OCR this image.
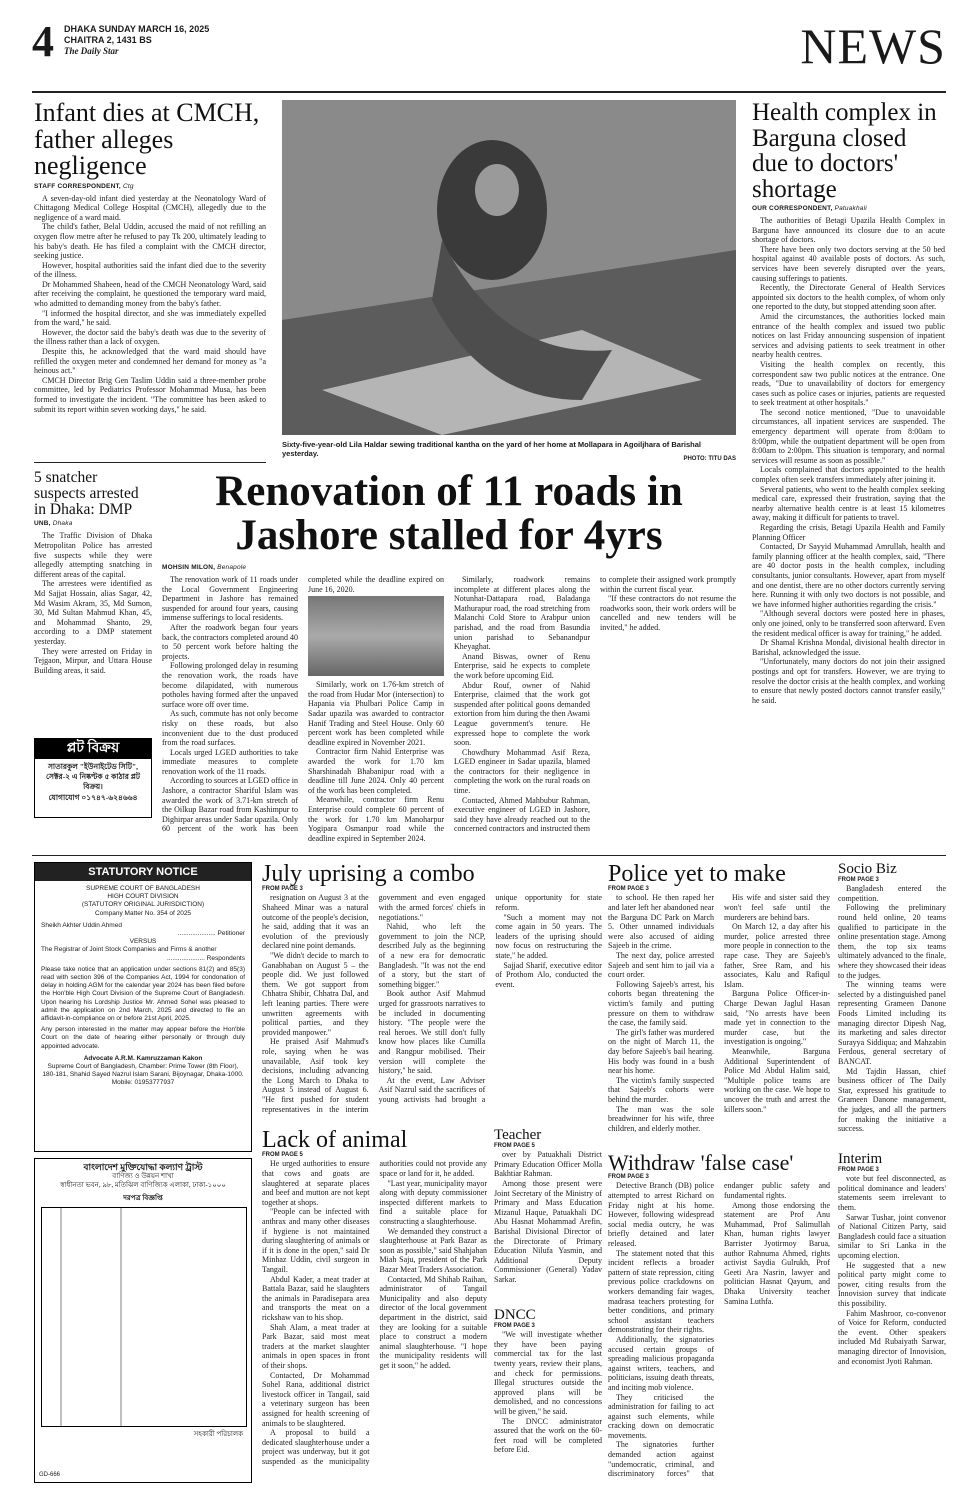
4 DHAKA SUNDAY MARCH 16, 2025
CHAITRA 2, 1431 BS
The Daily Star	NEWS
Infant dies at CMCH, father alleges negligence
STAFF CORRESPONDENT, Ctg

A seven-day-old infant died yesterday at the Neonatology Ward of Chittagong Medical College Hospital (CMCH), allegedly due to the negligence of a ward maid.

The child's father, Belal Uddin, accused the maid of not refilling an oxygen flow metre after he refused to pay Tk 200, ultimately leading to his baby's death. He has filed a complaint with the CMCH director, seeking justice.

However, hospital authorities said the infant died due to the severity of the illness.

Dr Mohammed Shaheen, head of the CMCH Neonatology Ward, said after receiving the complaint, he questioned the temporary ward maid, who admitted to demanding money from the baby's father.

"I informed the hospital director, and she was immediately expelled from the ward," he said.

However, the doctor said the baby's death was due to the severity of the illness rather than a lack of oxygen.

Despite this, he acknowledged that the ward maid should have refilled the oxygen meter and condemned her demand for money as "a heinous act."

CMCH Director Brig Gen Taslim Uddin said a three-member probe committee, led by Pediatrics Professor Mohammad Musa, has been formed to investigate the incident. "The committee has been asked to submit its report within seven working days," he said.

Sixty-five-year-old Lila Haldar sewing traditional kantha on the yard of her home at Mollapara in Agoiljhara of Barishal yesterday.
PHOTO: TITU DAS
Health complex in Barguna closed due to doctors' shortage
OUR CORRESPONDENT, Patuakhali

The authorities of Betagi Upazila Health Complex in Barguna have announced its closure due to an acute shortage of doctors.

There have been only two doctors serving at the 50 bed hospital against 40 available posts of doctors. As such, services have been severely disrupted over the years, causing sufferings to patients.

Recently, the Directorate General of Health Services appointed six doctors to the health complex, of whom only one reported to the duty, but stopped attending soon after.

Amid the circumstances, the authorities locked main entrance of the health complex and issued two public notices on last Friday announcing suspension of inpatient services and advising patients to seek treatment in other nearby health centres.

Visiting the health complex on recently, this correspondent saw two public notices at the entrance. One reads, "Due to unavailability of doctors for emergency cases such as police cases or injuries, patients are requested to seek treatment at other hospitals."

The second notice mentioned, "Due to unavoidable circumstances, all inpatient services are suspended. The emergency department will operate from 8:00am to 8:00pm, while the outpatient department will be open from 8:00am to 2:00pm. This situation is temporary, and normal services will resume as soon as possible."

Locals complained that doctors appointed to the health complex often seek transfers immediately after joining it.

Several patients, who went to the health complex seeking medical care, expressed their frustration, saying that the nearby alternative health centre is at least 15 kilometres away, making it difficult for patients to travel.

Regarding the crisis, Betagi Upazila Health and Family Planning Officer

Contacted, Dr Sayyid Muhammad Amrullah, health and family planning officer at the health complex, said, "There are 40 doctor posts in the health complex, including consultants, junior consultants. However, apart from myself and one dentist, there are no other doctors currently serving here. Running it with only two doctors is not possible, and we have informed higher authorities regarding the crisis."

"Although several doctors were posted here in phases, only one joined, only to be transferred soon afterward. Even the resident medical officer is away for training," he added.

Dr Shamal Krishna Mondal, divisional health director in Barishal, acknowledged the issue.

"Unfortunately, many doctors do not join their assigned postings and opt for transfers. However, we are trying to resolve the doctor crisis at the health complex, and working to ensure that newly posted doctors cannot transfer easily," he said.

5 snatcher suspects arrested in Dhaka: DMP
UNB, Dhaka

The Traffic Division of Dhaka Metropolitan Police has arrested five suspects while they were allegedly attempting snatching in different areas of the capital.

The arrestees were identified as Md Sajjat Hossain, alias Sagar, 42, Md Wasim Akram, 35, Md Sumon, 30, Md Sultan Mahmud Khan, 45, and Mohammad Shanto, 29, according to a DMP statement yesterday.

They were arrested on Friday in Tejgaon, Mirpur, and Uttara House Building areas, it said.

প্লট বিক্রয়
সাতারকুল "ইউনাইটেড সিটি", সেক্টর-২ এ নিষ্কণ্টক ৫ কাঠার প্লট বিক্রয়।
যোগাযোগ ০১৭৪৭-৬২৪৬৬৪
Renovation of 11 roads in Jashore stalled for 4yrs
MOHSIN MILON, Benapole

The renovation work of 11 roads under the Local Government Engineering Department in Jashore has remained suspended for around four years, causing immense sufferings to local residents.

After the roadwork began four years back, the contractors completed around 40 to 50 percent work before halting the projects.

Following prolonged delay in resuming the renovation work, the roads have become dilapidated, with numerous potholes having formed after the unpaved surface wore off over time.

As such, commute has not only become risky on these roads, but also inconvenient due to the dust produced from the road surfaces.

Locals urged LGED authorities to take immediate measures to complete renovation work of the 11 roads.

According to sources at LGED office in Jashore, a contractor Shariful Islam was awarded the work of 3.71-km stretch of the Oilkup Bazar road from Kashimpur to Dighirpar areas under Sadar upazila. Only 60 percent of the work has been completed while the deadline expired on June 16, 2020.

Similarly, work on 1.76-km stretch of the road from Hudar Mor (intersection) to Hapania via Phulbari Police Camp in Sadar upazila was awarded to contractor Hanif Trading and Steel House. Only 60 percent work has been completed while deadline expired in November 2021.

Contractor firm Nahid Enterprise was awarded the work for 1.70 km Sharshinadah Bhabanipur road with a deadline till June 2024. Only 40 percent of the work has been completed.

Meanwhile, contractor firm Renu Enterprise could complete 60 percent of the work for 1.70 km Manoharpur Yogipara Osmanpur road while the deadline expired in September 2024.

Similarly, roadwork remains incomplete at different places along the Notunhat-Dattapara road, Baladanga Mathurapur road, the road stretching from Malanchi Cold Store to Arabpur union parishad, and the road from Basundia union parishad to Sebanandpur Kheyaghat.

Anand Biswas, owner of Renu Enterprise, said he expects to complete the work before upcoming Eid.

Abdur Rouf, owner of Nahid Enterprise, claimed that the work got suspended after political goons demanded extortion from him during the then Awami League government's tenure. He expressed hope to complete the work soon.

Chowdhury Mohammad Asif Reza, LGED engineer in Sadar upazila, blamed the contractors for their negligence in completing the work on the rural roads on time.

Contacted, Ahmed Mahbubur Rahman, executive engineer of LGED in Jashore, said they have already reached out to the concerned contractors and instructed them to complete their assigned work promptly within the current fiscal year.

"If these contractors do not resume the roadworks soon, their work orders will be cancelled and new tenders will be invited," he added.

STATUTORY NOTICE
SUPREME COURT OF BANGLADESH
HIGH COURT DIVISION
(STATUTORY ORIGINAL JURISDICTION)
Company Matter No. 354 of 2025
Sheikh Akhter Uddin Ahmed
..................... Petitioner
VERSUS
The Registrar of Joint Stock Companies and Firms & another
..................... Respondents
Please take notice that an application under sections 81(2) and 85(3) read with section 396 of the Companies Act, 1994 for condonation of delay in holding AGM for the calendar year 2024 has been filed before the Hon'ble High Court Division of the Supreme Court of Bangladesh. Upon hearing his Lordship Justice Mr. Ahmed Sohel was pleased to admit the application on 2nd March, 2025 and directed to file an affidavit-in-compliance on or before 21st April, 2025.
Any person interested in the matter may appear before the Hon'ble Court on the date of hearing either personally or through duly appointed advocate.
Advocate A.R.M. Kamruzzaman Kakon
Supreme Court of Bangladesh, Chamber: Prime Tower (8th Floor), 180-181, Shahid Sayed Nazrul Islam Sarani, Bijoynagar, Dhaka-1000. Mobile: 01953777937
বাংলাদেশ মুক্তিযোদ্ধা কল্যাণ ট্রাস্ট
বাণিজ্য ও উন্নয়ন শাখা
স্বাধীনতা ভবন, ৯৮, মতিঝিল বাণিজ্যিক এলাকা, ঢাকা-১০০০
দরপত্র বিজ্ঞপ্তি
সহকারী পরিচালক
GD-666
July uprising a combo
FROM PAGE 3

resignation on August 3 at the Shaheed Minar was a natural outcome of the people's decision, he said, adding that it was an evolution of the previously declared nine point demands.

"We didn't decide to march to Ganabhaban on August 5 – the people did. We just followed them. We got support from Chhatra Shibir, Chhatra Dal, and left leaning parties. There were unwritten agreements with political parties, and they provided manpower."

He praised Asif Mahmud's role, saying when he was unavailable, Asif took key decisions, including advancing the Long March to Dhaka to August 5 instead of August 6. "He first pushed for student representatives in the interim government and even engaged with the armed forces' chiefs in negotiations."

Nahid, who left the government to join the NCP, described July as the beginning of a new era for democratic Bangladesh. "It was not the end of a story, but the start of something bigger."

Book author Asif Mahmud urged for grassroots narratives to be included in documenting history. "The people were the real heroes. We still don't fully know how places like Cumilla and Rangpur mobilised. Their version will complete the history," he said.

At the event, Law Adviser Asif Nazrul said the sacrifices of young activists had brought a unique opportunity for state reform.

"Such a moment may not come again in 50 years. The leaders of the uprising should now focus on restructuring the state," he added.

Sajjad Sharif, executive editor of Prothom Alo, conducted the event.

Lack of animal
FROM PAGE 5

He urged authorities to ensure that cows and goats are slaughtered at separate places and beef and mutton are not kept together at shops.

"People can be infected with anthrax and many other diseases if hygiene is not maintained during slaughtering of animals or if it is done in the open," said Dr Minhaz Uddin, civil surgeon in Tangail.

Abdul Kader, a meat trader at Battala Bazar, said he slaughters the animals in Paradisepara area and transports the meat on a rickshaw van to his shop.

Shah Alam, a meat trader at Park Bazar, said most meat traders at the market slaughter animals in open spaces in front of their shops.

Contacted, Dr Mohammad Sohel Rana, additional district livestock officer in Tangail, said a veterinary surgeon has been assigned for health screening of animals to be slaughtered.

A proposal to build a dedicated slaughterhouse under a project was underway, but it got suspended as the municipality authorities could not provide any space or land for it, he added.

"Last year, municipality mayor along with deputy commissioner inspected different markets to find a suitable place for constructing a slaughterhouse.

We demanded they construct a slaughterhouse at Park Bazar as soon as possible," said Shahjahan Miah Saju, president of the Park Bazar Meat Traders Association.

Contacted, Md Shihab Raihan, administrator of Tangail Municipality and also deputy director of the local government department in the district, said they are looking for a suitable place to construct a modern animal slaughterhouse. "I hope the municipality residents will get it soon," he added.

Teacher
FROM PAGE 5

over by Patuakhali District Primary Education Officer Molla Bakhtiar Rahman.

Among those present were Joint Secretary of the Ministry of Primary and Mass Education Mizanul Haque, Patuakhali DC Abu Hasnat Mohammad Arefin, Barishal Divisional Director of the Directorate of Primary Education Nilufa Yasmin, and Additional Deputy Commissioner (General) Yadav Sarkar.

DNCC
FROM PAGE 3

"We will investigate whether they have been paying commercial tax for the last twenty years, review their plans, and check for permissions. Illegal structures outside the approved plans will be demolished, and no concessions will be given," he said.

The DNCC administrator assured that the work on the 60-feet road will be completed before Eid.

Police yet to make
FROM PAGE 3

to school. He then raped her and later left her abandoned near the Barguna DC Park on March 5. Other unnamed individuals were also accused of aiding Sajeeb in the crime.

The next day, police arrested Sajeeb and sent him to jail via a court order.

Following Sajeeb's arrest, his cohorts began threatening the victim's family and putting pressure on them to withdraw the case, the family said.

The girl's father was murdered on the night of March 11, the day before Sajeeb's bail hearing. His body was found in a bush near his home.

The victim's family suspected that Sajeeb's cohorts were behind the murder.

The man was the sole breadwinner for his wife, three children, and elderly mother.

His wife and sister said they won't feel safe until the murderers are behind bars.

On March 12, a day after his murder, police arrested three more people in connection to the rape case. They are Sajeeb's father, Sree Ram, and his associates, Kalu and Rafiqul Islam.

Barguna Police Officer-in-Charge Dewan Jaglul Hasan said, "No arrests have been made yet in connection to the murder case, but the investigation is ongoing."

Meanwhile, Barguna Additional Superintendent of Police Md Abdul Halim said, "Multiple police teams are working on the case. We hope to uncover the truth and arrest the killers soon."

Withdraw 'false case'
FROM PAGE 3

Detective Branch (DB) police attempted to arrest Richard on Friday night at his home. However, following widespread social media outcry, he was briefly detained and later released.

The statement noted that this incident reflects a broader pattern of state repression, citing previous police crackdowns on workers demanding fair wages, madrasa teachers protesting for better conditions, and primary school assistant teachers demonstrating for their rights.

Additionally, the signatories accused certain groups of spreading malicious propaganda against writers, teachers, and politicians, issuing death threats, and inciting mob violence.

They criticised the administration for failing to act against such elements, while cracking down on democratic movements.

The signatories further demanded action against "undemocratic, criminal, and discriminatory forces" that endanger public safety and fundamental rights.

Among those endorsing the statement are Prof Anu Muhammad, Prof Salimullah Khan, human rights lawyer Barrister Jyotirmoy Barua, author Rahnuma Ahmed, rights activist Saydia Gulrukh, Prof Geeti Ara Nasrin, lawyer and politician Hasnat Qayum, and Dhaka University teacher Samina Luthfa.

Socio Biz
FROM PAGE 3

Bangladesh entered the competition.

Following the preliminary round held online, 20 teams qualified to participate in the online presentation stage. Among them, the top six teams ultimately advanced to the finale, where they showcased their ideas to the judges.

The winning teams were selected by a distinguished panel representing Grameen Danone Foods Limited including its managing director Dipesh Nag, its marketing and sales director Surayya Siddiqua; and Mahzabin Ferdous, general secretary of BANCAT.

Md Tajdin Hassan, chief business officer of The Daily Star, expressed his gratitude to Grameen Danone management, the judges, and all the partners for making the initiative a success.

Interim
FROM PAGE 3

vote but feel disconnected, as political dominance and leaders' statements seem irrelevant to them.

Sarwar Tushar, joint convenor of National Citizen Party, said Bangladesh could face a situation similar to Sri Lanka in the upcoming election.

He suggested that a new political party might come to power, citing results from the Innovision survey that indicate this possibility.

Fahim Mashroor, co-convenor of Voice for Reform, conducted the event. Other speakers included Md Rubaiyath Sarwar, managing director of Innovision, and economist Jyoti Rahman.
